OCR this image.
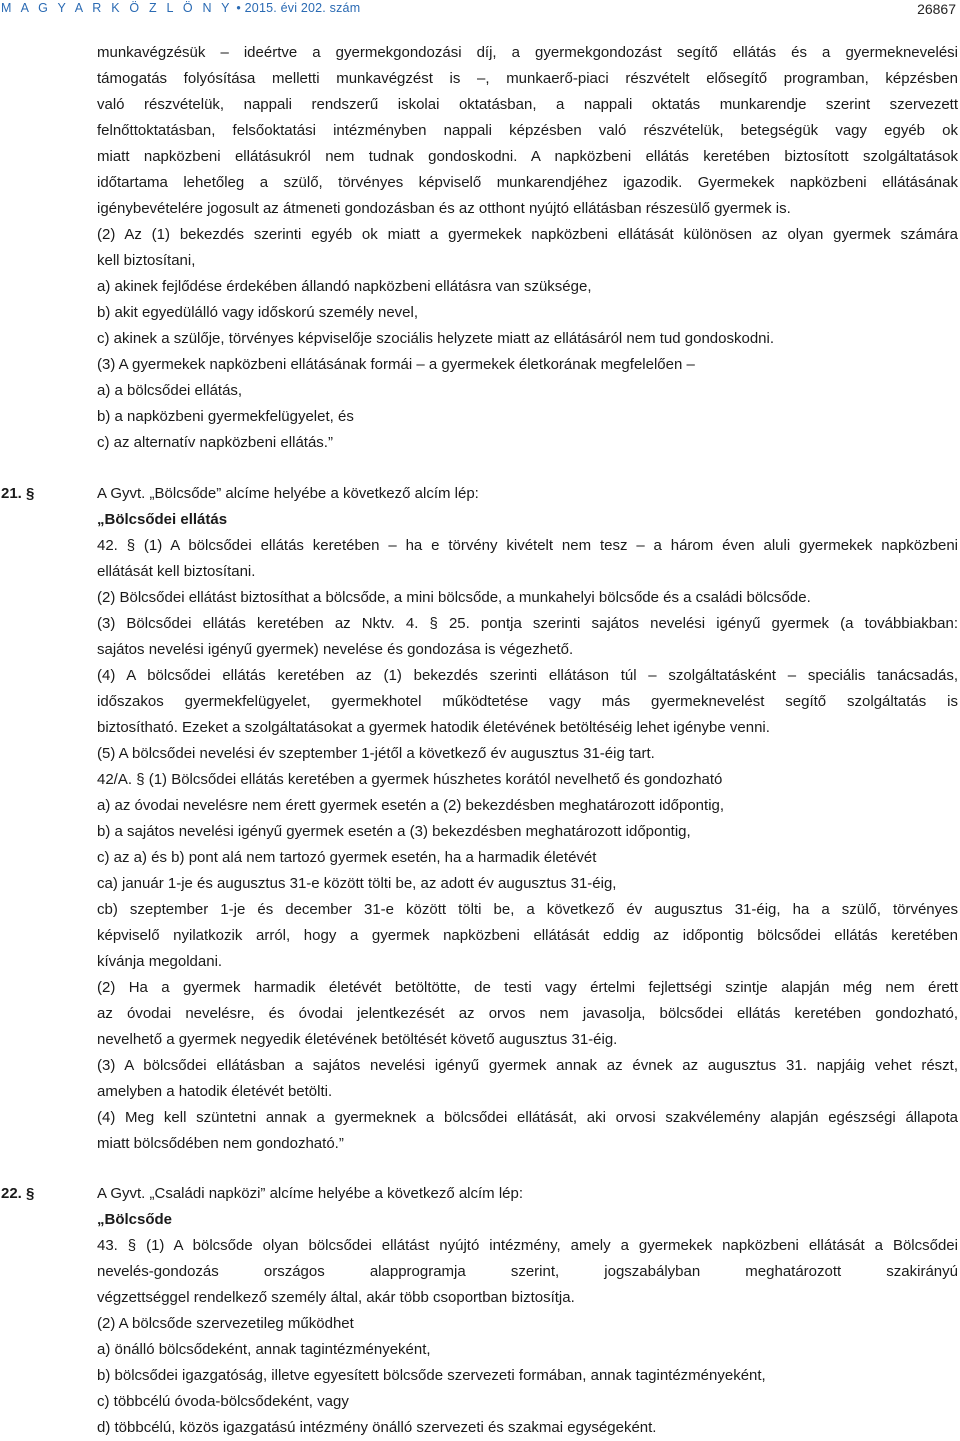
M A G Y A R K Ö Z L Ö N Y • 2015. évi 202. szám	26867
munkavégzésük – ideértve a gyermekgondozási díj, a gyermekgondozást segítő ellátás és a gyermeknevelési
támogatás folyósítása melletti munkavégzést is –, munkaerő-piaci részvételt elősegítő programban, képzésben
való részvételük, nappali rendszerű iskolai oktatásban, a nappali oktatás munkarendje szerint szervezett
felnőttoktatásban, felsőoktatási intézményben nappali képzésben való részvételük, betegségük vagy egyéb ok
miatt napközbeni ellátásukról nem tudnak gondoskodni. A napközbeni ellátás keretében biztosított szolgáltatások
időtartama lehetőleg a szülő, törvényes képviselő munkarendjéhez igazodik. Gyermekek napközbeni ellátásának
igénybevételére jogosult az átmeneti gondozásban és az otthont nyújtó ellátásban részesülő gyermek is.
(2) Az (1) bekezdés szerinti egyéb ok miatt a gyermekek napközbeni ellátását különösen az olyan gyermek számára
kell biztosítani,
a) akinek fejlődése érdekében állandó napközbeni ellátásra van szüksége,
b) akit egyedülálló vagy időskorú személy nevel,
c) akinek a szülője, törvényes képviselője szociális helyzete miatt az ellátásáról nem tud gondoskodni.
(3) A gyermekek napközbeni ellátásának formái – a gyermekek életkorának megfelelően –
a) a bölcsődei ellátás,
b) a napközbeni gyermekfelügyelet, és
c) az alternatív napközbeni ellátás.”
21. §	A Gyvt. „Bölcsőde” alcíme helyébe a következő alcím lép:
„Bölcsődei ellátás
42. § (1) A bölcsődei ellátás keretében – ha e törvény kivételt nem tesz – a három éven aluli gyermekek napközbeni
ellátását kell biztosítani.
(2) Bölcsődei ellátást biztosíthat a bölcsőde, a mini bölcsőde, a munkahelyi bölcsőde és a családi bölcsőde.
(3) Bölcsődei ellátás keretében az Nktv. 4. § 25. pontja szerinti sajátos nevelési igényű gyermek (a továbbiakban:
sajátos nevelési igényű gyermek) nevelése és gondozása is végezhető.
(4) A bölcsődei ellátás keretében az (1) bekezdés szerinti ellátáson túl – szolgáltatásként – speciális tanácsadás,
időszakos gyermekfelügyelet, gyermekhotel működtetése vagy más gyermeknevelést segítő szolgáltatás is
biztosítható. Ezeket a szolgáltatásokat a gyermek hatodik életévének betöltéséig lehet igénybe venni.
(5) A bölcsődei nevelési év szeptember 1-jétől a következő év augusztus 31-éig tart.
42/A. § (1) Bölcsődei ellátás keretében a gyermek húszhetes korától nevelhető és gondozható
a) az óvodai nevelésre nem érett gyermek esetén a (2) bekezdésben meghatározott időpontig,
b) a sajátos nevelési igényű gyermek esetén a (3) bekezdésben meghatározott időpontig,
c) az a) és b) pont alá nem tartozó gyermek esetén, ha a harmadik életévét
ca) január 1-je és augusztus 31-e között tölti be, az adott év augusztus 31-éig,
cb) szeptember 1-je és december 31-e között tölti be, a következő év augusztus 31-éig, ha a szülő, törvényes
képviselő nyilatkozik arról, hogy a gyermek napközbeni ellátását eddig az időpontig bölcsődei ellátás keretében
kívánja megoldani.
(2) Ha a gyermek harmadik életévét betöltötte, de testi vagy értelmi fejlettségi szintje alapján még nem érett
az óvodai nevelésre, és óvodai jelentkezését az orvos nem javasolja, bölcsődei ellátás keretében gondozható,
nevelhető a gyermek negyedik életévének betöltését követő augusztus 31-éig.
(3) A bölcsődei ellátásban a sajátos nevelési igényű gyermek annak az évnek az augusztus 31. napjáig vehet részt,
amelyben a hatodik életévét betölti.
(4) Meg kell szüntetni annak a gyermeknek a bölcsődei ellátását, aki orvosi szakvélemény alapján egészségi állapota
miatt bölcsődében nem gondozható.”
22. §	A Gyvt. „Családi napközi” alcíme helyébe a következő alcím lép:
„Bölcsőde
43. § (1) A bölcsőde olyan bölcsődei ellátást nyújtó intézmény, amely a gyermekek napközbeni ellátását a Bölcsődei
nevelés-gondozás országos alapprogramja szerint, jogszabályban meghatározott szakirányú
végzettséggel rendelkező személy által, akár több csoportban biztosítja.
(2) A bölcsőde szervezetileg működhet
a) önálló bölcsődeként, annak tagintézményeként,
b) bölcsődei igazgatóság, illetve egyesített bölcsőde szervezeti formában, annak tagintézményeként,
c) többcélú óvoda-bölcsődeként, vagy
d) többcélú, közös igazgatású intézmény önálló szervezeti és szakmai egységeként.
